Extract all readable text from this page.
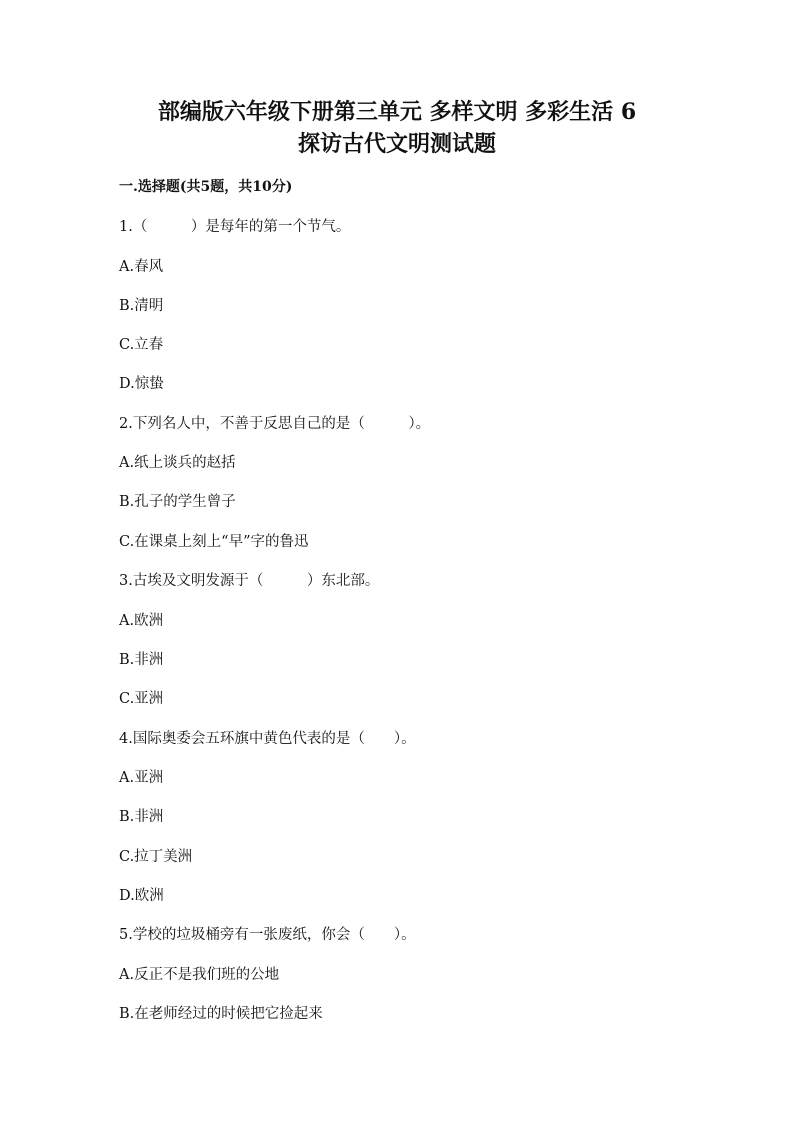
部编版六年级下册第三单元 多样文明 多彩生活 6
探访古代文明测试题

一.选择题(共5题，共10分)

1.（　　　）是每年的第一个节气。

A.春风

B.清明

C.立春

D.惊蛰

2.下列名人中，不善于反思自己的是（　　　）。

A.纸上谈兵的赵括

B.孔子的学生曾子

C.在课桌上刻上“早”字的鲁迅

3.古埃及文明发源于（　　　）东北部。

A.欧洲

B.非洲

C.亚洲

4.国际奥委会五环旗中黄色代表的是（　　）。

A.亚洲

B.非洲

C.拉丁美洲

D.欧洲

5.学校的垃圾桶旁有一张废纸，你会（　　）。

A.反正不是我们班的公地

B.在老师经过的时候把它捡起来
